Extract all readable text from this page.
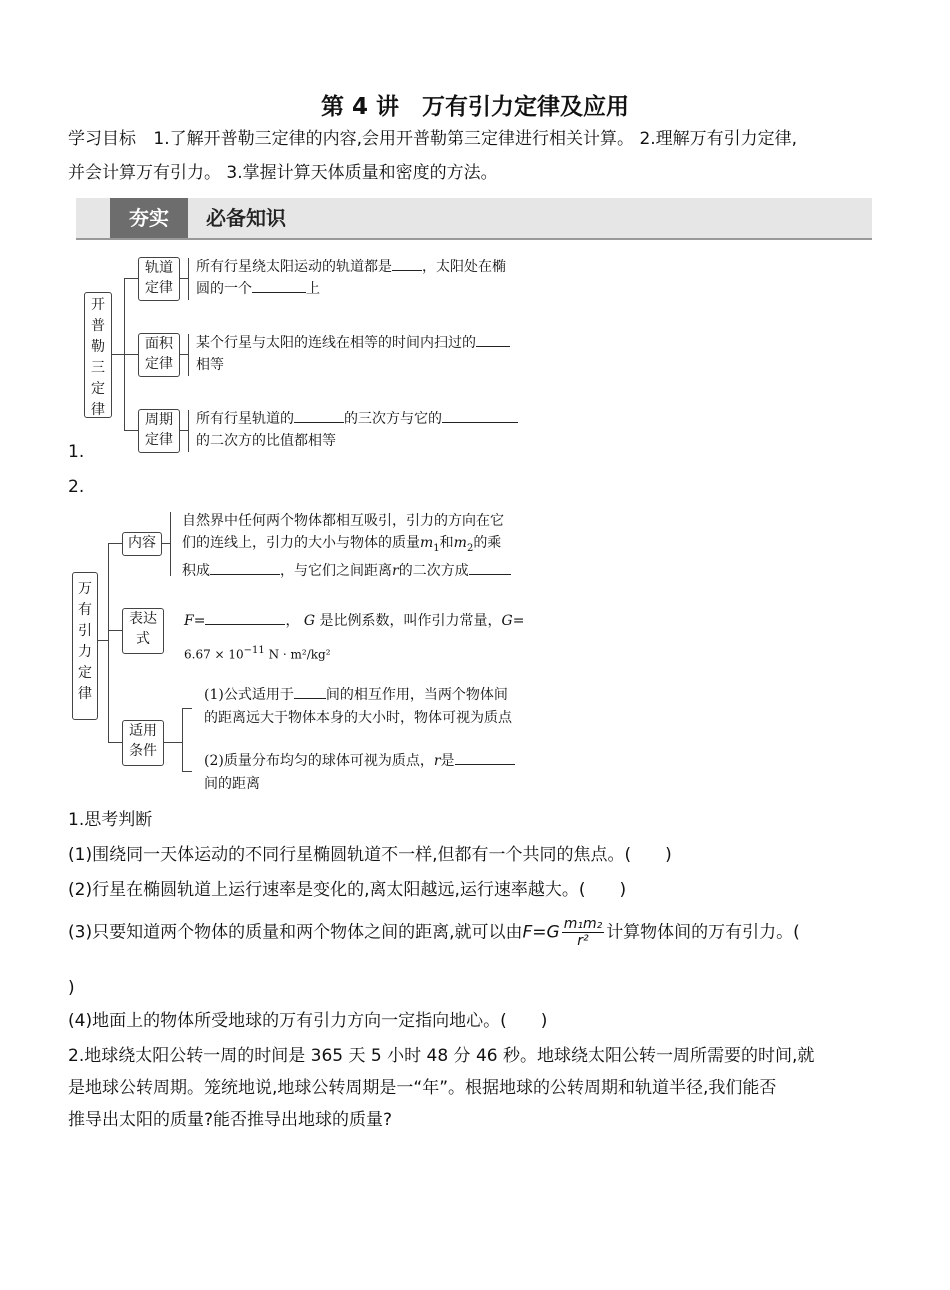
第 4 讲　万有引力定律及应用
学习目标 1.了解开普勒三定律的内容,会用开普勒第三定律进行相关计算。 2.理解万有引力定律,
并会计算万有引力。 3.掌握计算天体质量和密度的方法。
夯实	必备知识
开
普
勒
三
定
律
轨道
定律
所有行星绕太阳运动的轨道都是 ，太阳处在椭
圆的一个	上
面积
定律
某个行星与太阳的连线在相等的时间内扫过的
相等
周期
定律
所有行星轨道的	的三次方与它的
的二次方的比值都相等
1.
2.
万
有
引
力
定
律
内容
自然界中任何两个物体都相互吸引，引力的方向在它
们的连线上，引力的大小与物体的质量$m_1$和$m_2$的乘
积成	，与它们之间距离r的二次方成
表达
式
F=	， G 是比例系数，叫作引力常量，G=
$6.67 \times 10^{-11}$ N · m²/kg²
适用
条件
(1)公式适用于 间的相互作用，当两个物体间
的距离远大于物体本身的大小时，物体可视为质点
(2)质量分布均匀的球体可视为质点，r是
间的距离
1.思考判断
(1)围绕同一天体运动的不同行星椭圆轨道不一样,但都有一个共同的焦点。(　　)
(2)行星在椭圆轨道上运行速率是变化的,离太阳越远,运行速率越大。(　　)
(3)只要知道两个物体的质量和两个物体之间的距离,就可以由$F=G \frac{\text{m₁m₂}}{\text{r²}}$ 计算物体间的万有引力。(
)
(4)地面上的物体所受地球的万有引力方向一定指向地心。(　　)
2.地球绕太阳公转一周的时间是 365 天 5 小时 48 分 46 秒。地球绕太阳公转一周所需要的时间,就
是地球公转周期。笼统地说,地球公转周期是一“年”。根据地球的公转周期和轨道半径,我们能否
推导出太阳的质量?能否推导出地球的质量?
